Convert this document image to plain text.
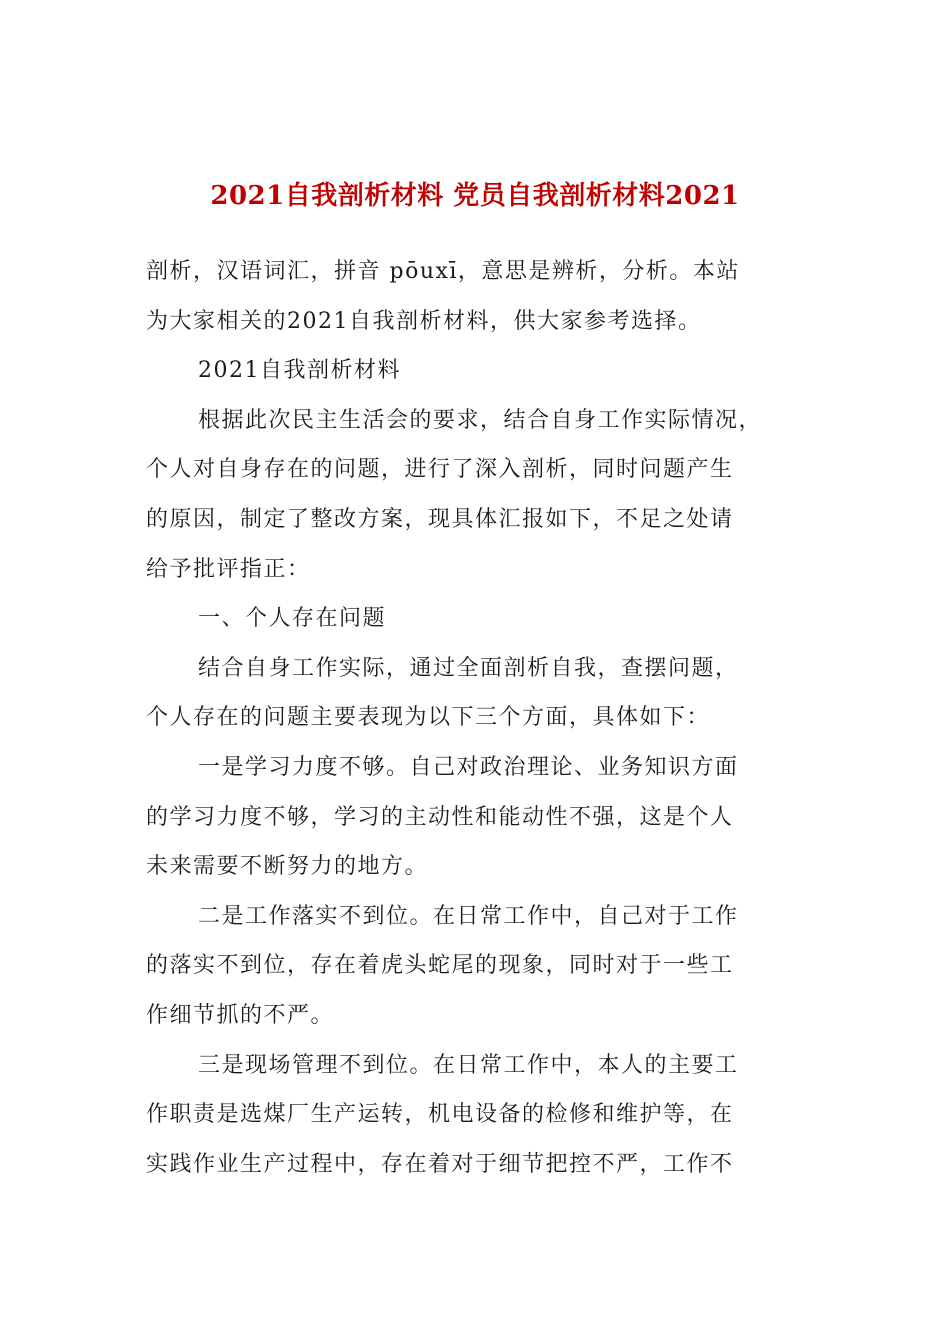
2021自我剖析材料 党员自我剖析材料2021
剖析，汉语词汇，拼音 pōuxī，意思是辨析，分析。本站
为大家相关的2021自我剖析材料，供大家参考选择。
2021自我剖析材料
根据此次民主生活会的要求，结合自身工作实际情况，
个人对自身存在的问题，进行了深入剖析，同时问题产生
的原因，制定了整改方案，现具体汇报如下，不足之处请
给予批评指正：
一、个人存在问题
结合自身工作实际，通过全面剖析自我，查摆问题，
个人存在的问题主要表现为以下三个方面，具体如下：
一是学习力度不够。自己对政治理论、业务知识方面
的学习力度不够，学习的主动性和能动性不强，这是个人
未来需要不断努力的地方。
二是工作落实不到位。在日常工作中，自己对于工作
的落实不到位，存在着虎头蛇尾的现象，同时对于一些工
作细节抓的不严。
三是现场管理不到位。在日常工作中，本人的主要工
作职责是选煤厂生产运转，机电设备的检修和维护等，在
实践作业生产过程中，存在着对于细节把控不严，工作不
